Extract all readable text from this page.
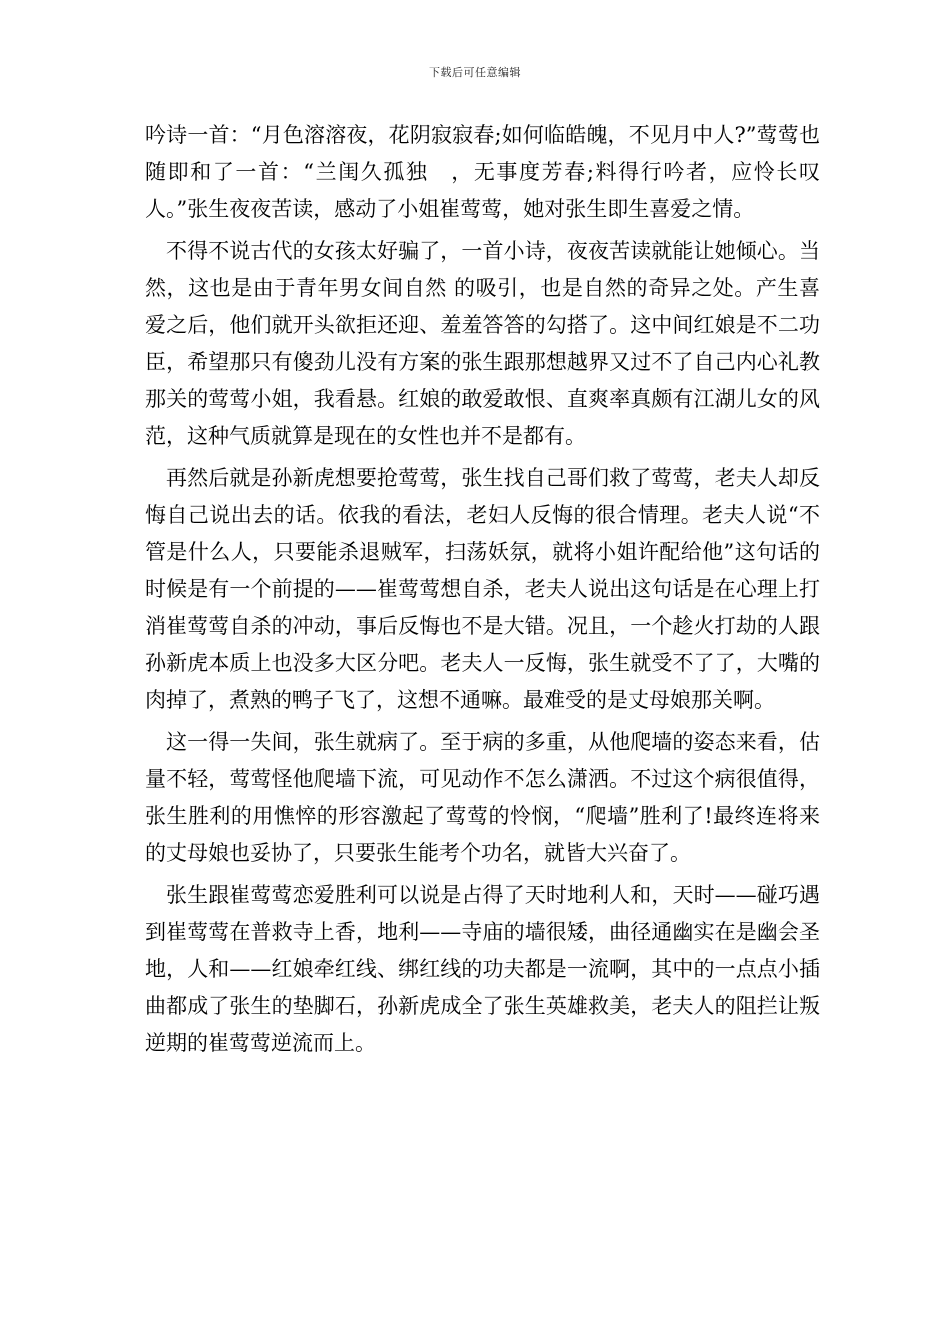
下载后可任意编辑

吟诗一首：“月色溶溶夜，花阴寂寂春;如何临皓魄，不见月中人?”莺莺也随即和了一首：“兰闺久孤独　，无事度芳春;料得行吟者，应怜长叹人。”张生夜夜苦读，感动了小姐崔莺莺，她对张生即生喜爱之情。

不得不说古代的女孩太好骗了，一首小诗，夜夜苦读就能让她倾心。当然，这也是由于青年男女间自然 的吸引，也是自然的奇异之处。产生喜爱之后，他们就开头欲拒还迎、羞羞答答的勾搭了。这中间红娘是不二功臣，希望那只有傻劲儿没有方案的张生跟那想越界又过不了自己内心礼教那关的莺莺小姐，我看悬。红娘的敢爱敢恨、直爽率真颇有江湖儿女的风范，这种气质就算是现在的女性也并不是都有。

再然后就是孙新虎想要抢莺莺，张生找自己哥们救了莺莺，老夫人却反悔自己说出去的话。依我的看法，老妇人反悔的很合情理。老夫人说“不管是什么人，只要能杀退贼军，扫荡妖氛，就将小姐许配给他”这句话的时候是有一个前提的——崔莺莺想自杀，老夫人说出这句话是在心理上打消崔莺莺自杀的冲动，事后反悔也不是大错。况且，一个趁火打劫的人跟孙新虎本质上也没多大区分吧。老夫人一反悔，张生就受不了了，大嘴的肉掉了，煮熟的鸭子飞了，这想不通嘛。最难受的是丈母娘那关啊。

这一得一失间，张生就病了。至于病的多重，从他爬墙的姿态来看，估量不轻，莺莺怪他爬墙下流，可见动作不怎么潇洒。不过这个病很值得，张生胜利的用憔悴的形容激起了莺莺的怜悯，“爬墙”胜利了!最终连将来的丈母娘也妥协了，只要张生能考个功名，就皆大兴奋了。

张生跟崔莺莺恋爱胜利可以说是占得了天时地利人和，天时——碰巧遇到崔莺莺在普救寺上香，地利——寺庙的墙很矮，曲径通幽实在是幽会圣地，人和——红娘牵红线、绑红线的功夫都是一流啊，其中的一点点小插曲都成了张生的垫脚石，孙新虎成全了张生英雄救美，老夫人的阻拦让叛逆期的崔莺莺逆流而上。
